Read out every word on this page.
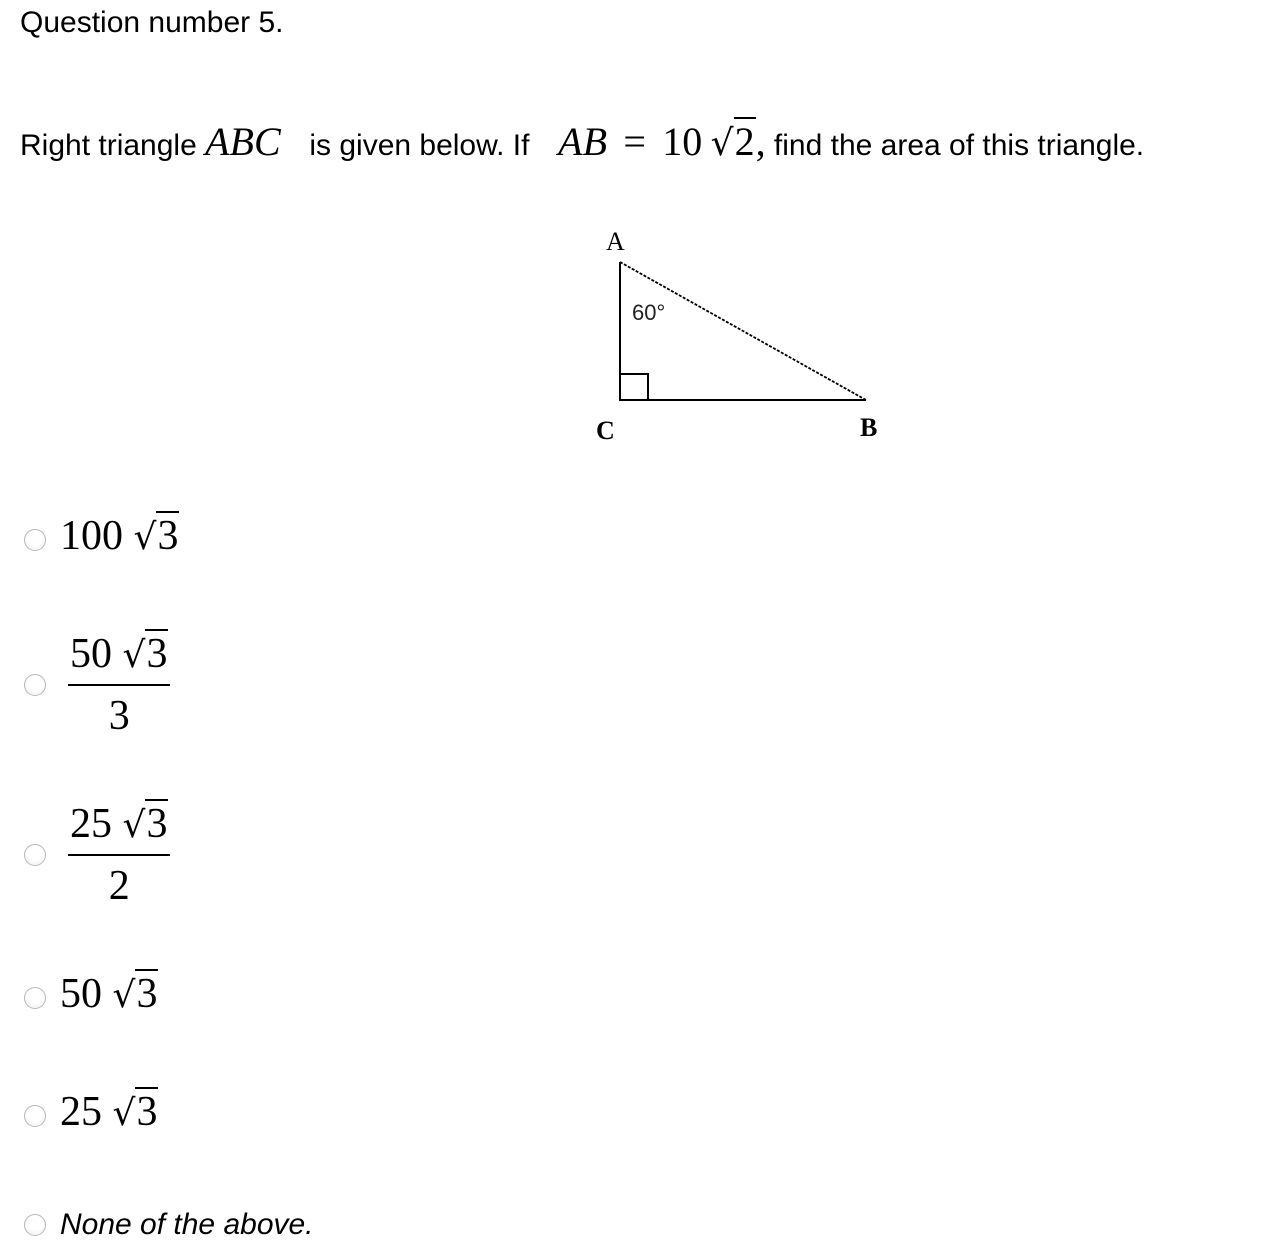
Question number 5.
Right triangle ABC is given below. If AB = 10 √2, find the area of this triangle.
A
60°
C	B
100 √3
$\frac{50 √3}{3}$
$\frac{25 √3}{2}$
50 √3
25 √3
None of the above.
